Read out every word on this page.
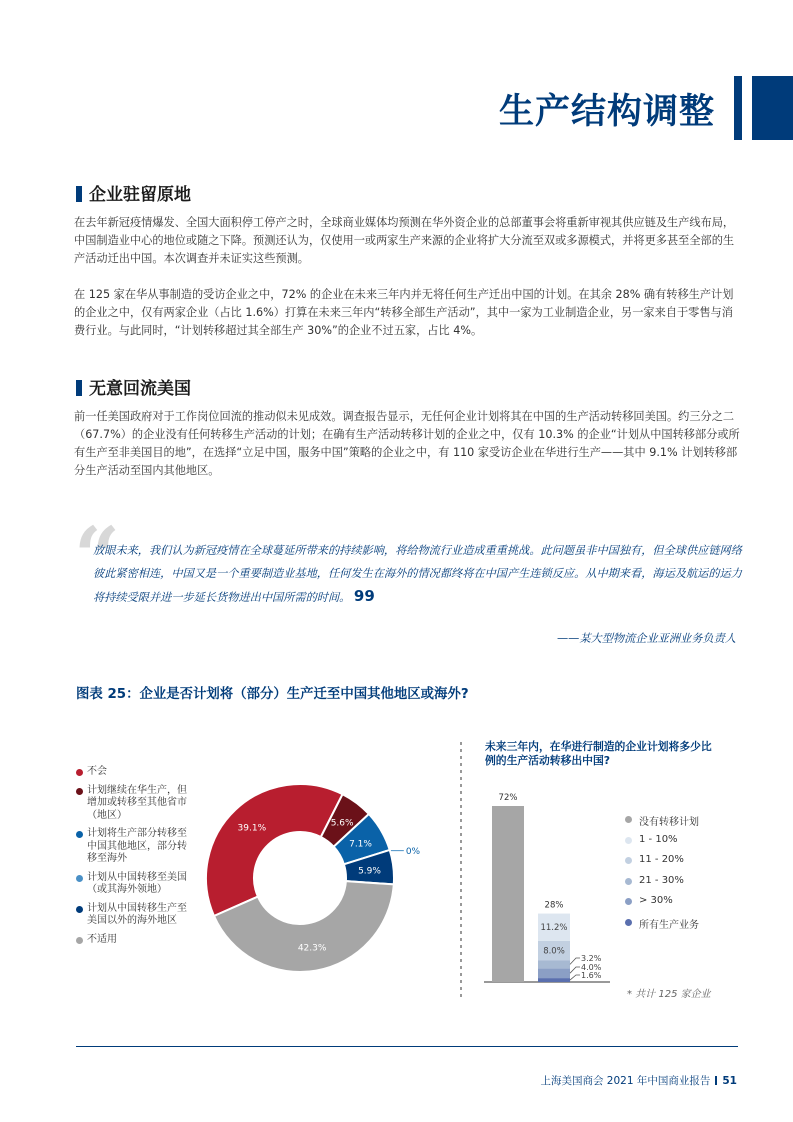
生产结构调整
企业驻留原地
在去年新冠疫情爆发、全国大面积停工停产之时，全球商业媒体均预测在华外资企业的总部董事会将重新审视其供应链及生产线布局，中国制造业中心的地位或随之下降。预测还认为，仅使用一或两家生产来源的企业将扩大分流至双或多源模式，并将更多甚至全部的生产活动迁出中国。本次调查并未证实这些预测。
在 125 家在华从事制造的受访企业之中，72% 的企业在未来三年内并无将任何生产迁出中国的计划。在其余 28% 确有转移生产计划的企业之中，仅有两家企业（占比 1.6%）打算在未来三年内“转移全部生产活动”，其中一家为工业制造企业，另一家来自于零售与消费行业。与此同时，“计划转移超过其全部生产 30%”的企业不过五家，占比 4%。
无意回流美国
前一任美国政府对于工作岗位回流的推动似未见成效。调查报告显示，无任何企业计划将其在中国的生产活动转移回美国。约三分之二（67.7%）的企业没有任何转移生产活动的计划；在确有生产活动转移计划的企业之中，仅有 10.3% 的企业“计划从中国转移部分或所有生产至非美国目的地”，在选择“立足中国，服务中国”策略的企业之中，有 110 家受访企业在华进行生产——其中 9.1% 计划转移部分生产活动至国内其他地区。
“
放眼未来，我们认为新冠疫情在全球蔓延所带来的持续影响，将给物流行业造成重重挑战。此问题虽非中国独有，但全球供应链网络彼此紧密相连，中国又是一个重要制造业基地，任何发生在海外的情况都终将在中国产生连锁反应。从中期来看，海运及航运的运力将持续受限并进一步延长货物进出中国所需的时间。 99
——某大型物流企业亚洲业务负责人
图表 25：企业是否计划将（部分）生产迁至中国其他地区或海外?
不会
计划继续在华生产，但增加或转移至其他省市（地区）
计划将生产部分转移至中国其他地区，部分转移至海外
计划从中国转移至美国（或其海外领地）
计划从中国转移生产至美国以外的海外地区
不适用
39.1%
5.6%
7.1%
0%
5.9%
42.3%
未来三年内，在华进行制造的企业计划将多少比例的生产活动转移出中国?
72%
28%
1.6%
4.0%
3.2%
8.0%
11.2%
没有转移计划
1 - 10%
11 - 20%
21 - 30%
> 30%
所有生产业务
* 共计 125 家企业
上海美国商会 2021 年中国商业报告 51
